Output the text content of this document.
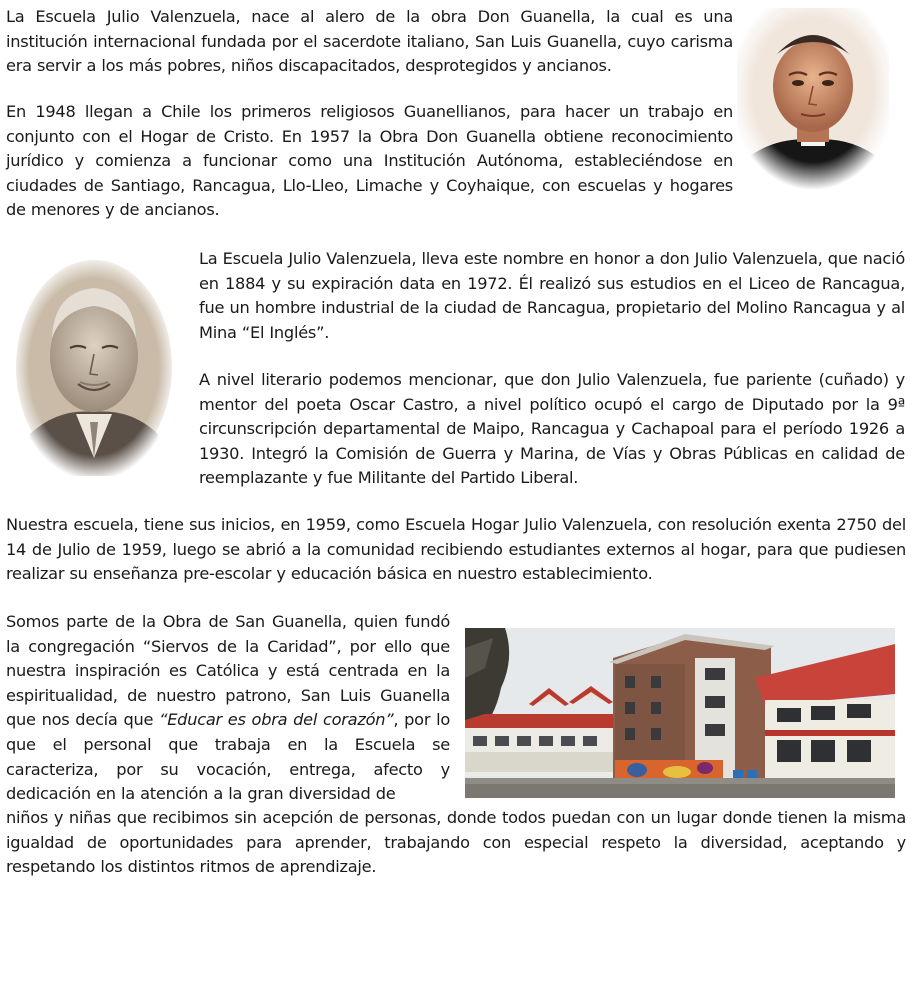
La Escuela Julio Valenzuela, nace al alero de la obra Don Guanella, la cual es una institución internacional fundada por el sacerdote italiano, San Luis Guanella, cuyo carisma era servir a los más pobres, niños discapacitados, desprotegidos y ancianos.

En 1948 llegan a Chile los primeros religiosos Guanellianos, para hacer un trabajo en conjunto con el Hogar de Cristo. En 1957 la Obra Don Guanella obtiene reconocimiento jurídico y comienza a funcionar como una Institución Autónoma, estableciéndose en ciudades de Santiago, Rancagua, Llo-Lleo, Limache y Coyhaique, con escuelas y hogares de menores y de ancianos.

La Escuela Julio Valenzuela, lleva este nombre en honor a don Julio Valenzuela, que nació en 1884 y su expiración data en 1972. Él realizó sus estudios en el Liceo de Rancagua, fue un hombre industrial de la ciudad de Rancagua, propietario del Molino Rancagua y al Mina “El Inglés”.

A nivel literario podemos mencionar, que don Julio Valenzuela, fue pariente (cuñado) y mentor del poeta Oscar Castro, a nivel político ocupó el cargo de Diputado por la 9ª circunscripción departamental de Maipo, Rancagua y Cachapoal para el período 1926 a 1930. Integró la Comisión de Guerra y Marina, de Vías y Obras Públicas en calidad de reemplazante y fue Militante del Partido Liberal.

Nuestra escuela, tiene sus inicios, en 1959, como Escuela Hogar Julio Valenzuela, con resolución exenta 2750 del 14 de Julio de 1959, luego se abrió a la comunidad recibiendo estudiantes externos al hogar, para que pudiesen realizar su enseñanza pre-escolar y educación básica en nuestro establecimiento.

Somos parte de la Obra de San Guanella, quien fundó la congregación “Siervos de la Caridad”, por ello que nuestra inspiración es Católica y está centrada en la espiritualidad, de nuestro patrono, San Luis Guanella que nos decía que “Educar es obra del corazón”, por lo que el personal que trabaja en la Escuela se caracteriza, por su vocación, entrega, afecto y dedicación en la atención a la gran diversidad de

niños y niñas que recibimos sin acepción de personas, donde todos puedan con un lugar donde tienen la misma igualdad de oportunidades para aprender, trabajando con especial respeto la diversidad, aceptando y respetando los distintos ritmos de aprendizaje.
